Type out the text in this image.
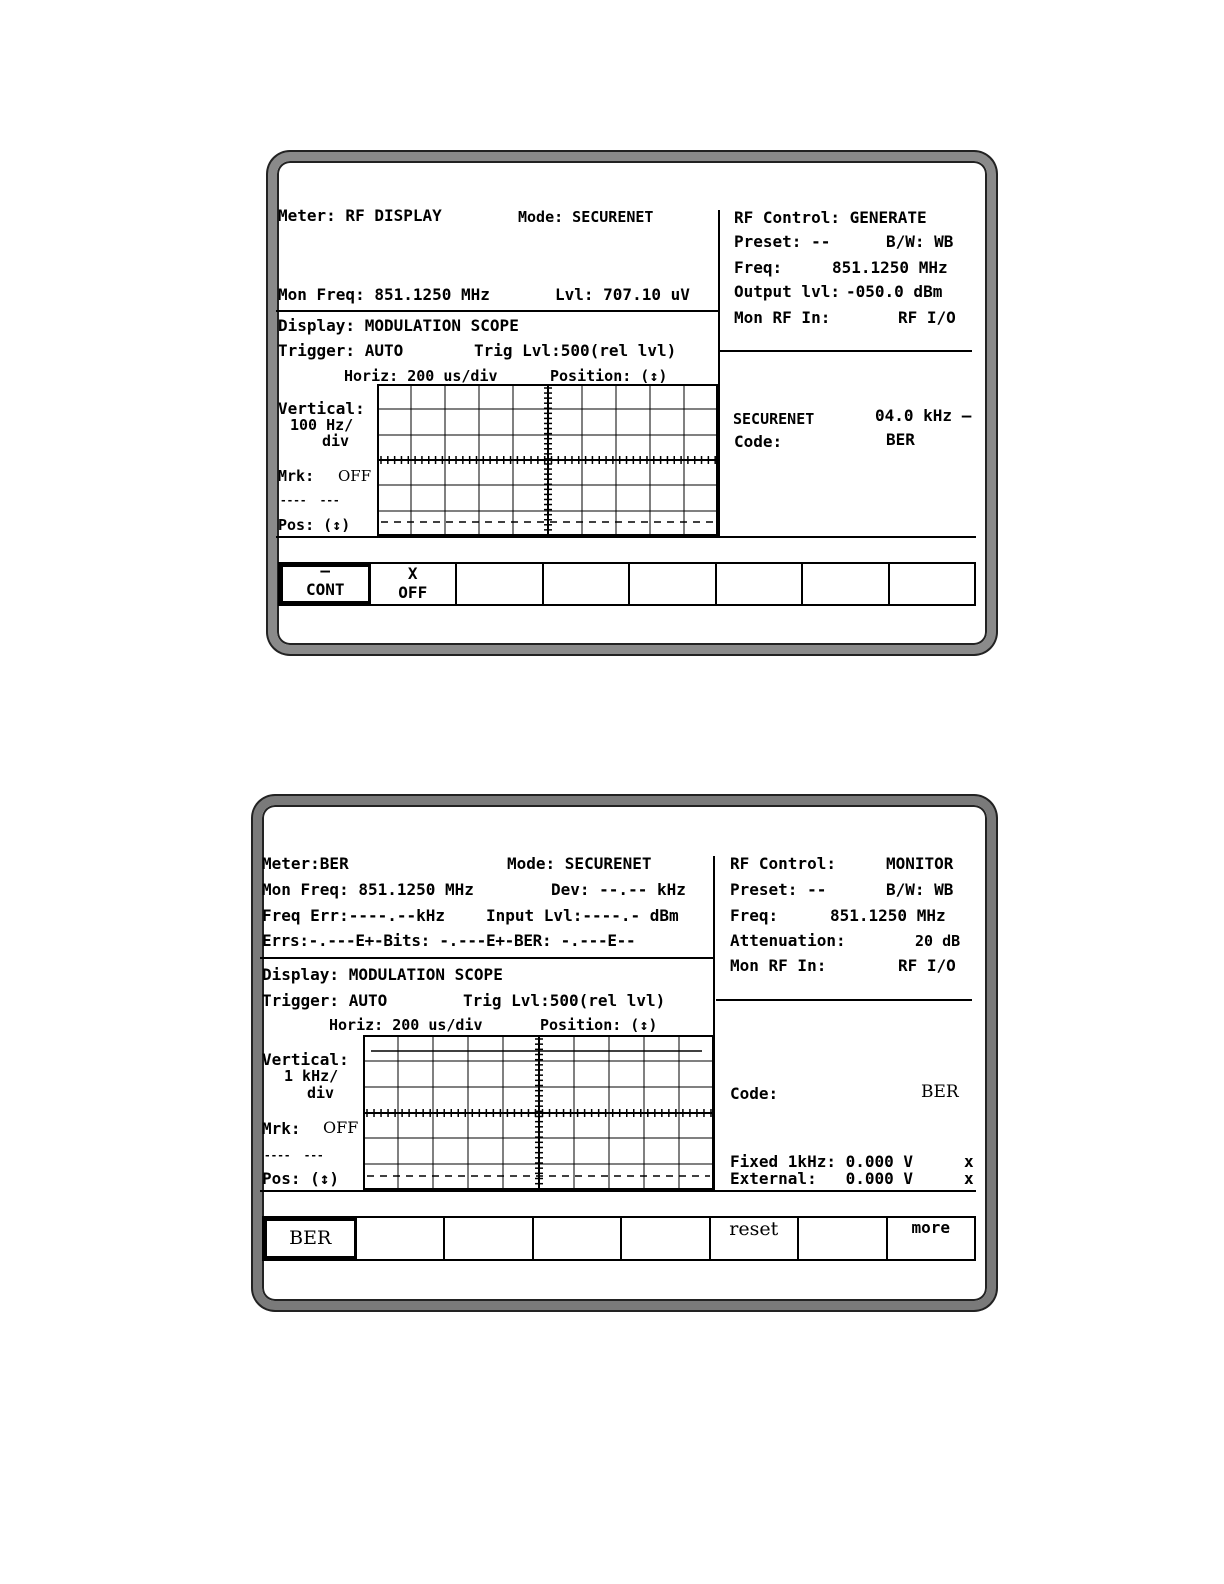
Meter: RF DISPLAY	Mode: SECURENET
Mon Freq: 851.1250 MHz	Lvl: 707.10 uV
Display: MODULATION SCOPE
Trigger: AUTO	Trig Lvl:500(rel lvl)
Horiz: 200 us/div	Position: (↕)
Vertical:
100 Hz/
div
Mrk: OFF
----  ---
Pos: (↕)
RF Control: GENERATE
Preset: --	B/W: WB
Freq:	851.1250 MHz
Output lvl: -050.0 dBm
Mon RF In:	RF I/O
SECURENET	04.0 kHz –
Code:	BER
—
CONT
X
OFF
Meter:BER	Mode: SECURENET
Mon Freq: 851.1250 MHz	Dev: --.-- kHz
Freq Err:----.--kHz	Input Lvl:----.- dBm
Errs:-.---E+-Bits: -.---E+-BER: -.---E--
Display: MODULATION SCOPE
Trigger: AUTO	Trig Lvl:500(rel lvl)
Horiz: 200 us/div	Position: (↕)
Vertical:
1 kHz/
div
Mrk: OFF
----  ---
Pos: (↕)
RF Control:	MONITOR
Preset: --	B/W: WB
Freq:	851.1250 MHz
Attenuation:	20 dB
Mon RF In:	RF I/O
Code:	BER
Fixed 1kHz: 0.000 V	x
External:   0.000 V	x
BER	reset	more
